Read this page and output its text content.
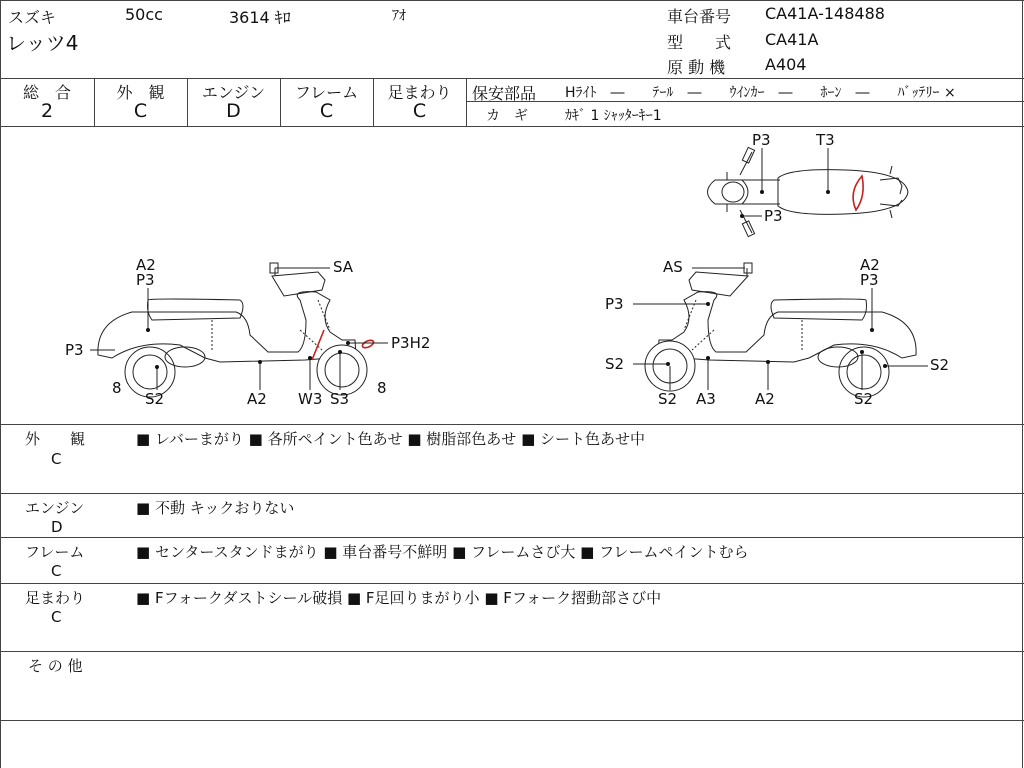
スズキ	50cc	3614 ｷﾛ	ｱｵ
レッツ4
車台番号 CA41A-148488
型　　式 CA41A
原 動 機 A404
総　合
2
外　観
C
エンジン
D
フレーム
C
足まわり
C
保安部品 Hﾗｲﾄ　―　　ﾃｰﾙ　―　　ｳｲﾝｶｰ　―　　ﾎｰﾝ　―　　ﾊﾞｯﾃﾘｰ ×
カ　ギ	ｶｷﾞ 1 ｼｬｯﾀｰｷｰ1
P3	T3
P3
A2
P3
SA
P3	P3H2
8
S2	A2 W3 S3
8
AS	A2
P3
P3
S2	S2
S2 A3	A2	S2
外　　観
C
■ レバーまがり ■ 各所ペイント色あせ ■ 樹脂部色あせ ■ シート色あせ中
エンジン
D
■ 不動 キックおりない
フレーム
C
■ センタースタンドまがり ■ 車台番号不鮮明 ■ フレームさび大 ■ フレームペイントむら
足まわり
C
■ Fフォークダストシール破損 ■ F足回りまがり小 ■ Fフォーク摺動部さび中
そ の 他
